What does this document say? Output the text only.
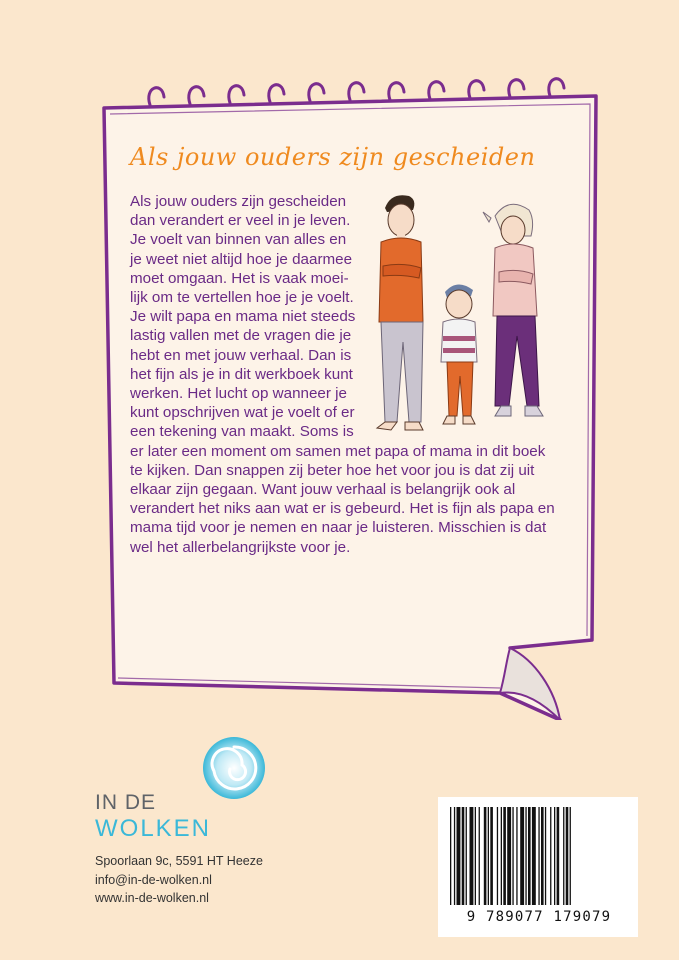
Als jouw ouders zijn gescheiden

Als jouw ouders zijn gescheiden

dan verandert er veel in je leven.

Je voelt van binnen van alles en

je weet niet altijd hoe je daarmee

moet omgaan. Het is vaak moei-

lijk om te vertellen hoe je je voelt.

Je wilt papa en mama niet steeds

lastig vallen met de vragen die je

hebt en met jouw verhaal. Dan is

het fijn als je in dit werkboek kunt

werken. Het lucht op wanneer je

kunt opschrijven wat je voelt of er

een tekening van maakt. Soms is

er later een moment om samen met papa of mama in dit boek

te kijken. Dan snappen zij beter hoe het voor jou is dat zij uit

elkaar zijn gegaan. Want jouw verhaal is belangrijk ook al

verandert het niks aan wat er is gebeurd. Het is fijn als papa en

mama tijd voor je nemen en naar je luisteren. Misschien is dat

wel het allerbelangrijkste voor je.

IN DE
WOLKEN
Spoorlaan 9c, 5591 HT Heeze
info@in-de-wolken.nl
www.in-de-wolken.nl
9 789077 179079
